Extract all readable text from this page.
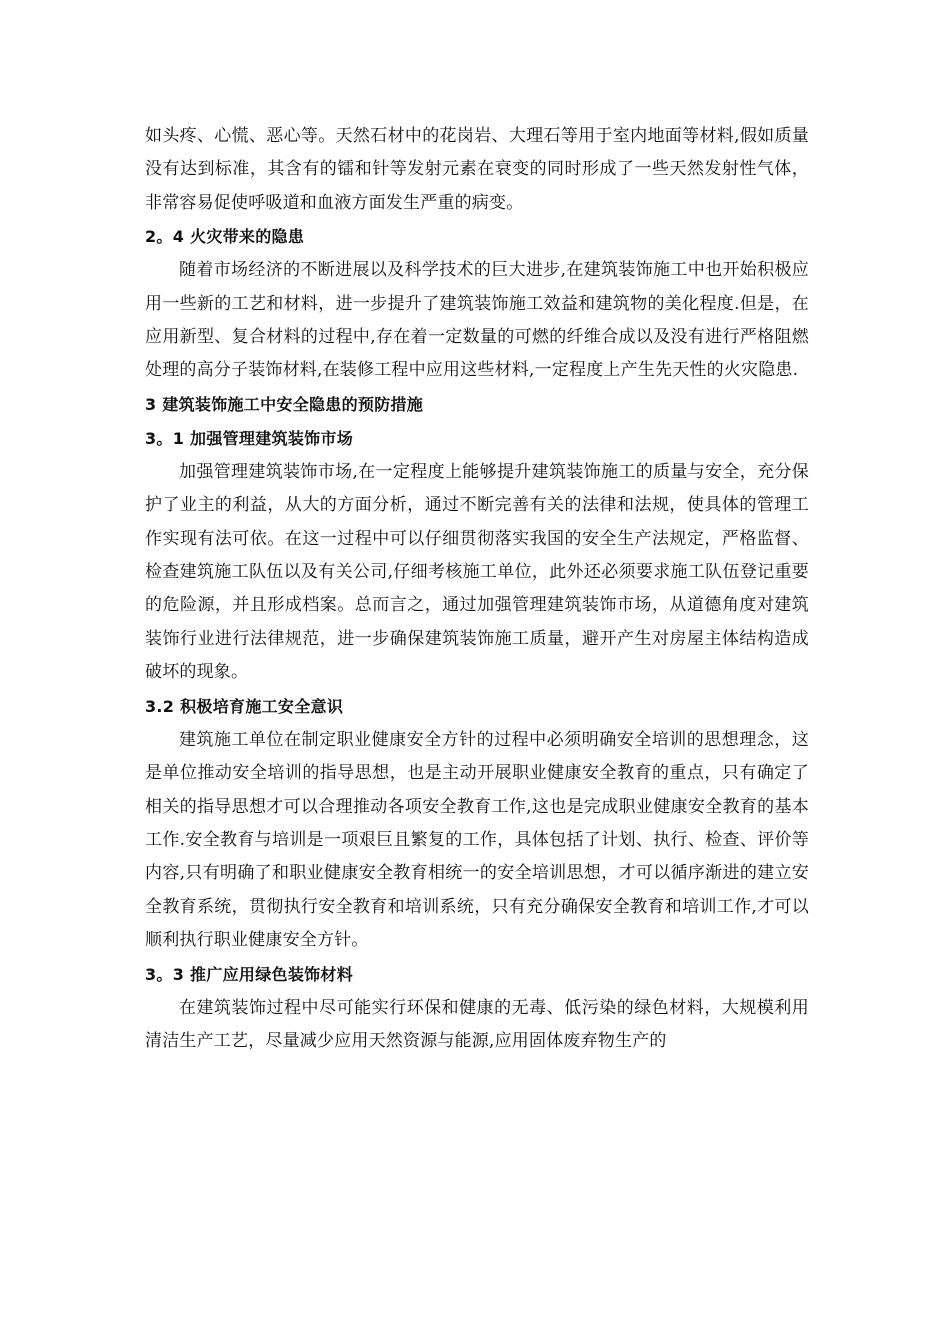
如头疼、心慌、恶心等。天然石材中的花岗岩、大理石等用于室内地面等材料,假如质量没有达到标准，其含有的镭和针等发射元素在衰变的同时形成了一些天然发射性气体，非常容易促使呼吸道和血液方面发生严重的病变。

2。4 火灾带来的隐患

随着市场经济的不断进展以及科学技术的巨大进步,在建筑装饰施工中也开始积极应用一些新的工艺和材料，进一步提升了建筑装饰施工效益和建筑物的美化程度.但是，在应用新型、复合材料的过程中,存在着一定数量的可燃的纤维合成以及没有进行严格阻燃处理的高分子装饰材料,在装修工程中应用这些材料,一定程度上产生先天性的火灾隐患.

3 建筑装饰施工中安全隐患的预防措施

3。1 加强管理建筑装饰市场

加强管理建筑装饰市场,在一定程度上能够提升建筑装饰施工的质量与安全，充分保护了业主的利益，从大的方面分析，通过不断完善有关的法律和法规，使具体的管理工作实现有法可依。在这一过程中可以仔细贯彻落实我国的安全生产法规定，严格监督、检查建筑施工队伍以及有关公司,仔细考核施工单位，此外还必须要求施工队伍登记重要的危险源，并且形成档案。总而言之，通过加强管理建筑装饰市场，从道德角度对建筑装饰行业进行法律规范，进一步确保建筑装饰施工质量，避开产生对房屋主体结构造成破坏的现象。

3.2 积极培育施工安全意识

建筑施工单位在制定职业健康安全方针的过程中必须明确安全培训的思想理念，这是单位推动安全培训的指导思想，也是主动开展职业健康安全教育的重点，只有确定了相关的指导思想才可以合理推动各项安全教育工作,这也是完成职业健康安全教育的基本工作.安全教育与培训是一项艰巨且繁复的工作，具体包括了计划、执行、检查、评价等内容,只有明确了和职业健康安全教育相统一的安全培训思想，才可以循序渐进的建立安全教育系统，贯彻执行安全教育和培训系统，只有充分确保安全教育和培训工作,才可以顺利执行职业健康安全方针。

3。3 推广应用绿色装饰材料

在建筑装饰过程中尽可能实行环保和健康的无毒、低污染的绿色材料，大规模利用清洁生产工艺，尽量减少应用天然资源与能源,应用固体废弃物生产的
